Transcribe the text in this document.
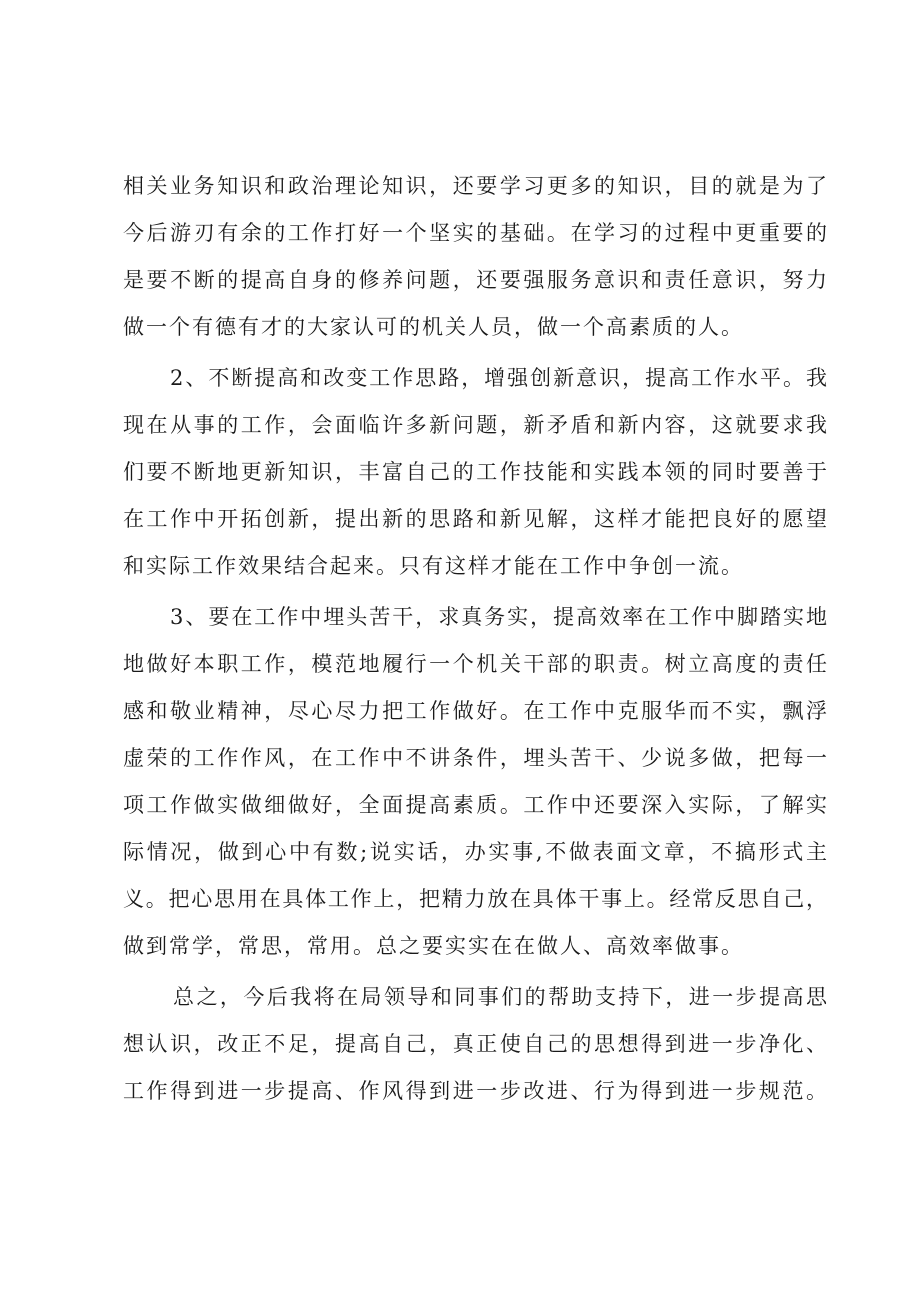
相关业务知识和政治理论知识，还要学习更多的知识，目的就是为了
今后游刃有余的工作打好一个坚实的基础。在学习的过程中更重要的
是要不断的提高自身的修养问题，还要强服务意识和责任意识，努力
做一个有德有才的大家认可的机关人员，做一个高素质的人。
2、不断提高和改变工作思路，增强创新意识，提高工作水平。我
现在从事的工作，会面临许多新问题，新矛盾和新内容，这就要求我
们要不断地更新知识，丰富自己的工作技能和实践本领的同时要善于
在工作中开拓创新，提出新的思路和新见解，这样才能把良好的愿望
和实际工作效果结合起来。只有这样才能在工作中争创一流。
3、要在工作中埋头苦干，求真务实，提高效率在工作中脚踏实地
地做好本职工作，模范地履行一个机关干部的职责。树立高度的责任
感和敬业精神，尽心尽力把工作做好。在工作中克服华而不实，飘浮
虚荣的工作作风，在工作中不讲条件，埋头苦干、少说多做，把每一
项工作做实做细做好，全面提高素质。工作中还要深入实际，了解实
际情况，做到心中有数;说实话，办实事,不做表面文章，不搞形式主
义。把心思用在具体工作上，把精力放在具体干事上。经常反思自己，
做到常学，常思，常用。总之要实实在在做人、高效率做事。
总之，今后我将在局领导和同事们的帮助支持下，进一步提高思
想认识，改正不足，提高自己，真正使自己的思想得到进一步净化、
工作得到进一步提高、作风得到进一步改进、行为得到进一步规范。
